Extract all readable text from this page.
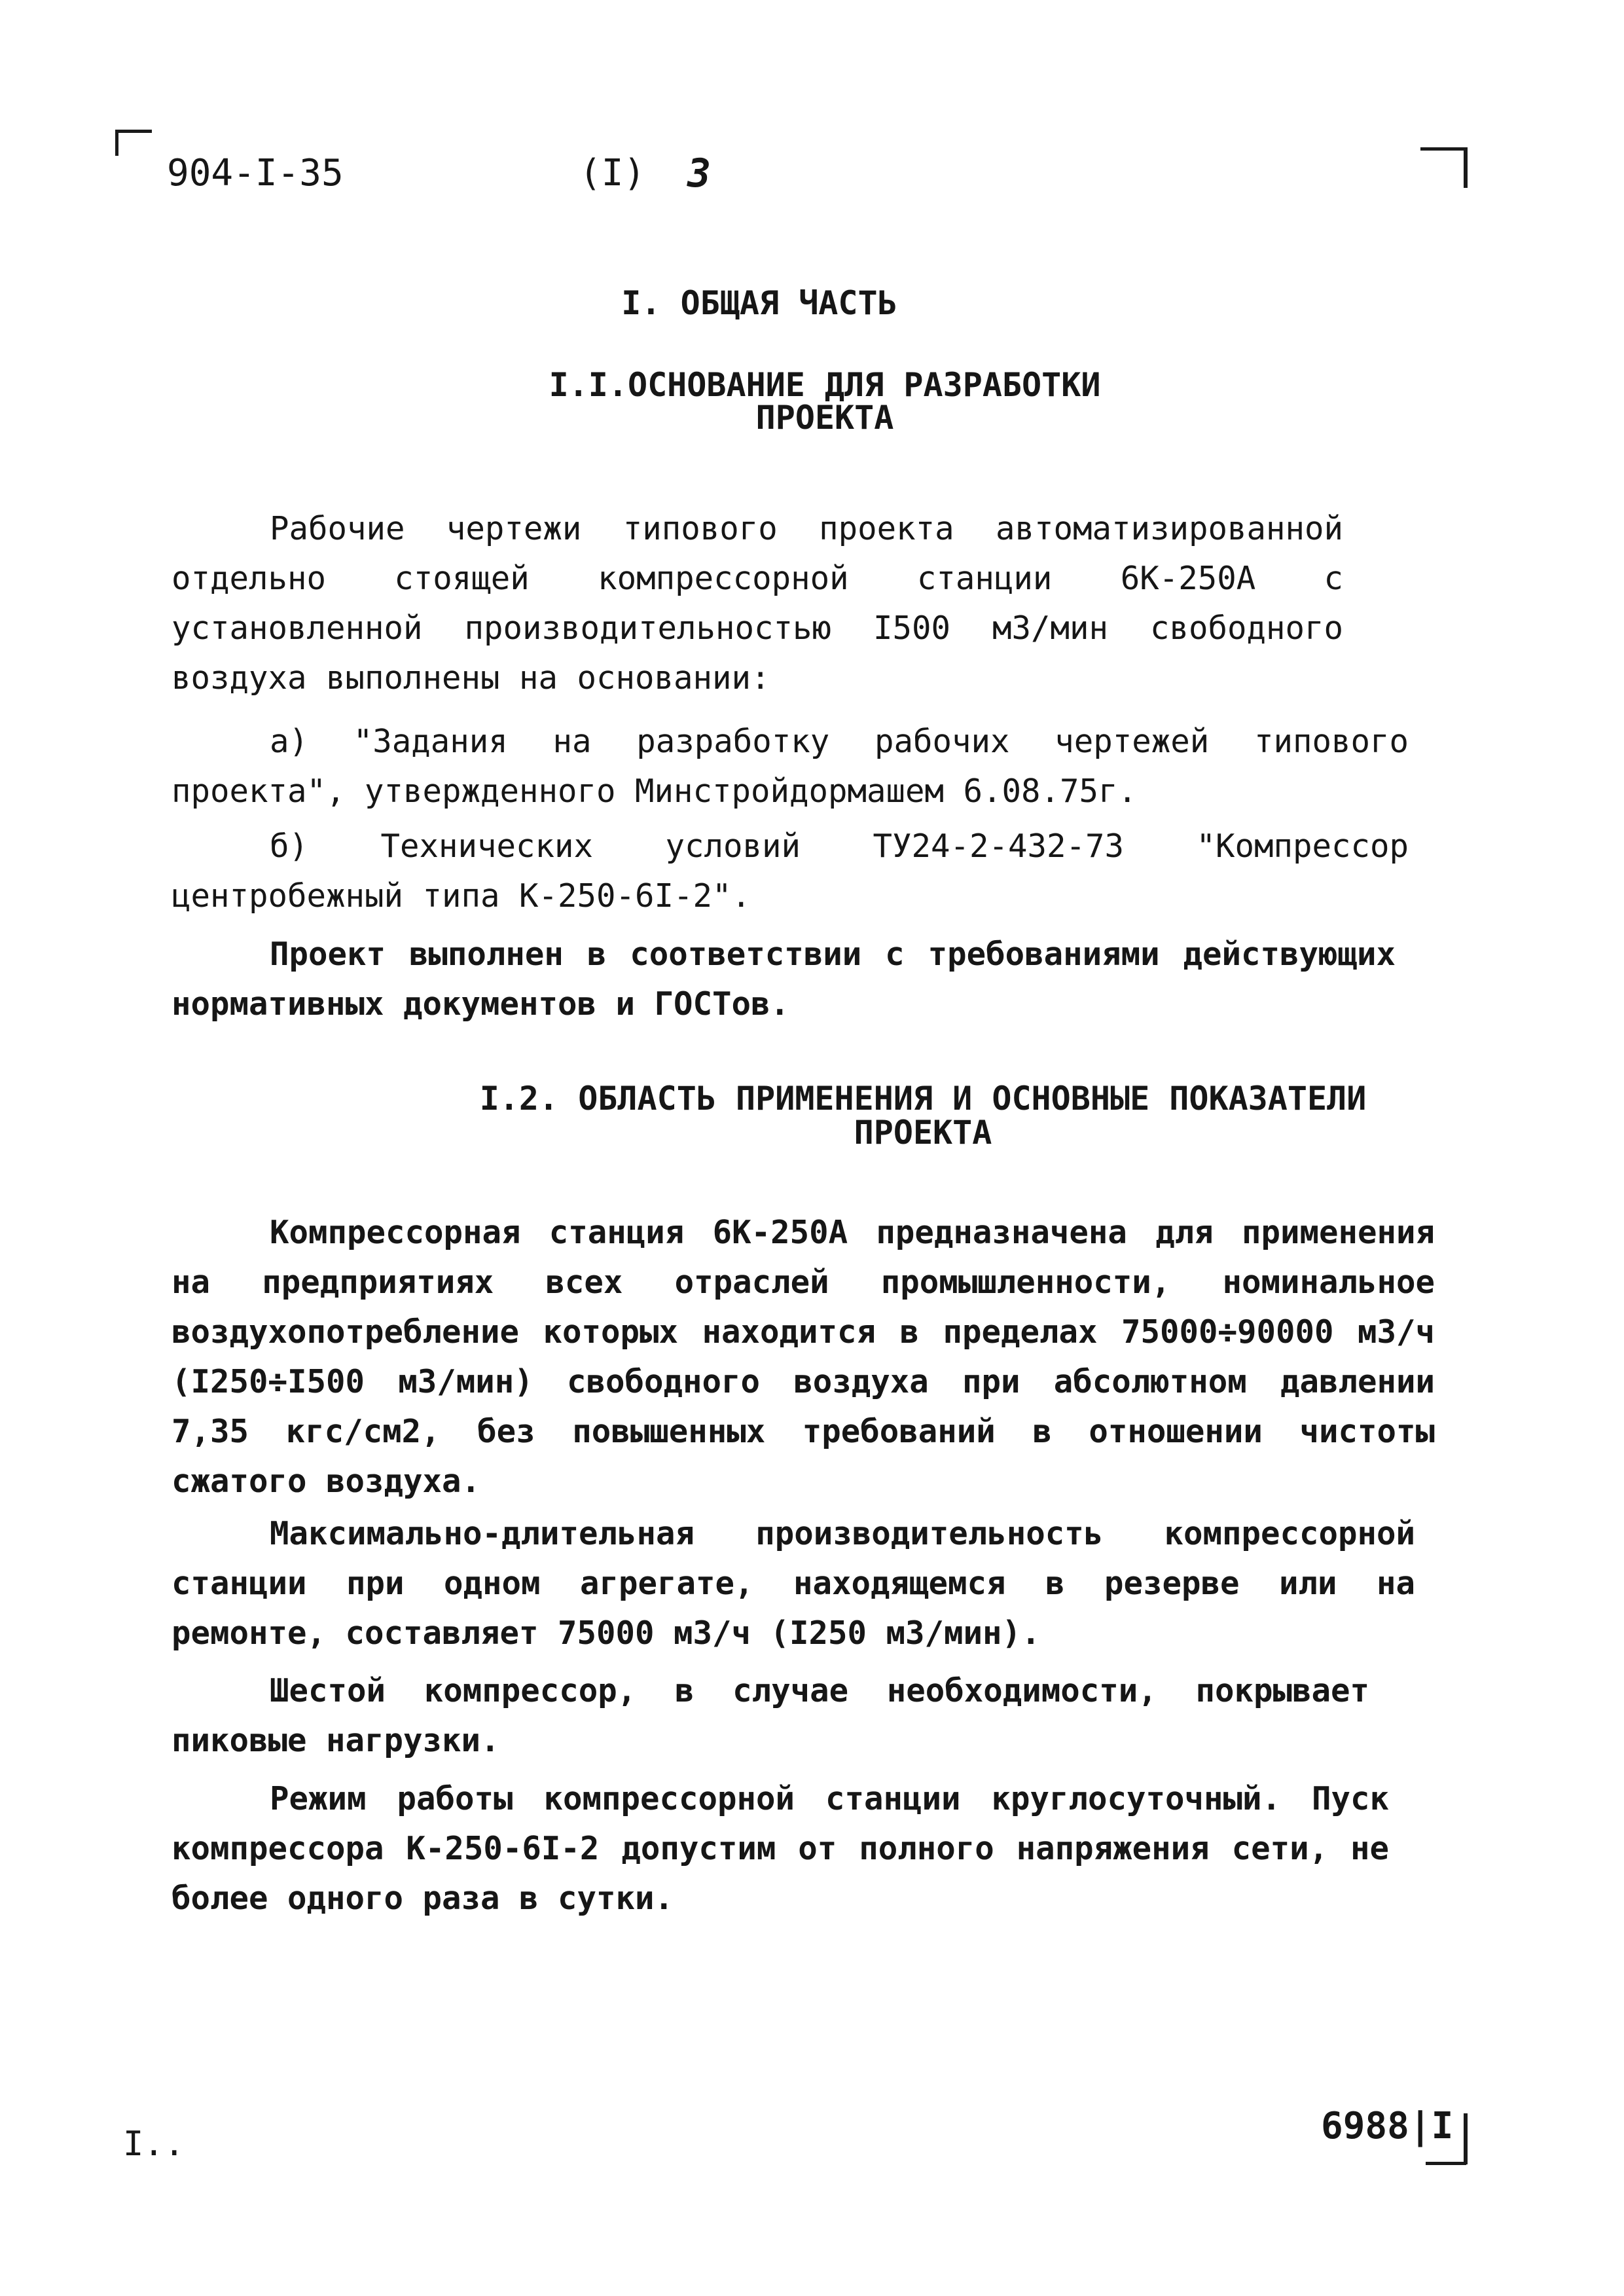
904-I-35	(I) 3
I. ОБЩАЯ ЧАСТЬ
I.I.ОСНОВАНИЕ ДЛЯ РАЗРАБОТКИ
ПРОЕКТА
Рабочие чертежи типового проекта автоматизированной отдельно стоящей компрессорной станции 6К-250А с установленной производительностью I500 м3/мин свободного воздуха выполнены на основании:
а) "Задания на разработку рабочих чертежей типового проекта", утвержденного Минстройдормашем 6.08.75г.
б) Технических условий ТУ24-2-432-73 "Компрессор центробежный типа К-250-6I-2".
Проект выполнен в соответствии с требованиями действующих нормативных документов и ГОСТов.
I.2. ОБЛАСТЬ ПРИМЕНЕНИЯ И ОСНОВНЫЕ ПОКАЗАТЕЛИ
ПРОЕКТА
Компрессорная станция 6К-250А предназначена для применения на предприятиях всех отраслей промышленности, номинальное воздухопотребление которых находится в пределах 75000÷90000 м3/ч (I250÷I500 м3/мин) свободного воздуха при абсолютном давлении 7,35 кгс/см2, без повышенных требований в отношении чистоты сжатого воздуха.
Максимально-длительная производительность компрессорной станции при одном агрегате, находящемся в резерве или на ремонте, составляет 75000 м3/ч (I250 м3/мин).
Шестой компрессор, в случае необходимости, покрывает пиковые нагрузки.
Режим работы компрессорной станции круглосуточный. Пуск компрессора К-250-6I-2 допустим от полного напряжения сети, не более одного раза в сутки.
I..	6988|I
